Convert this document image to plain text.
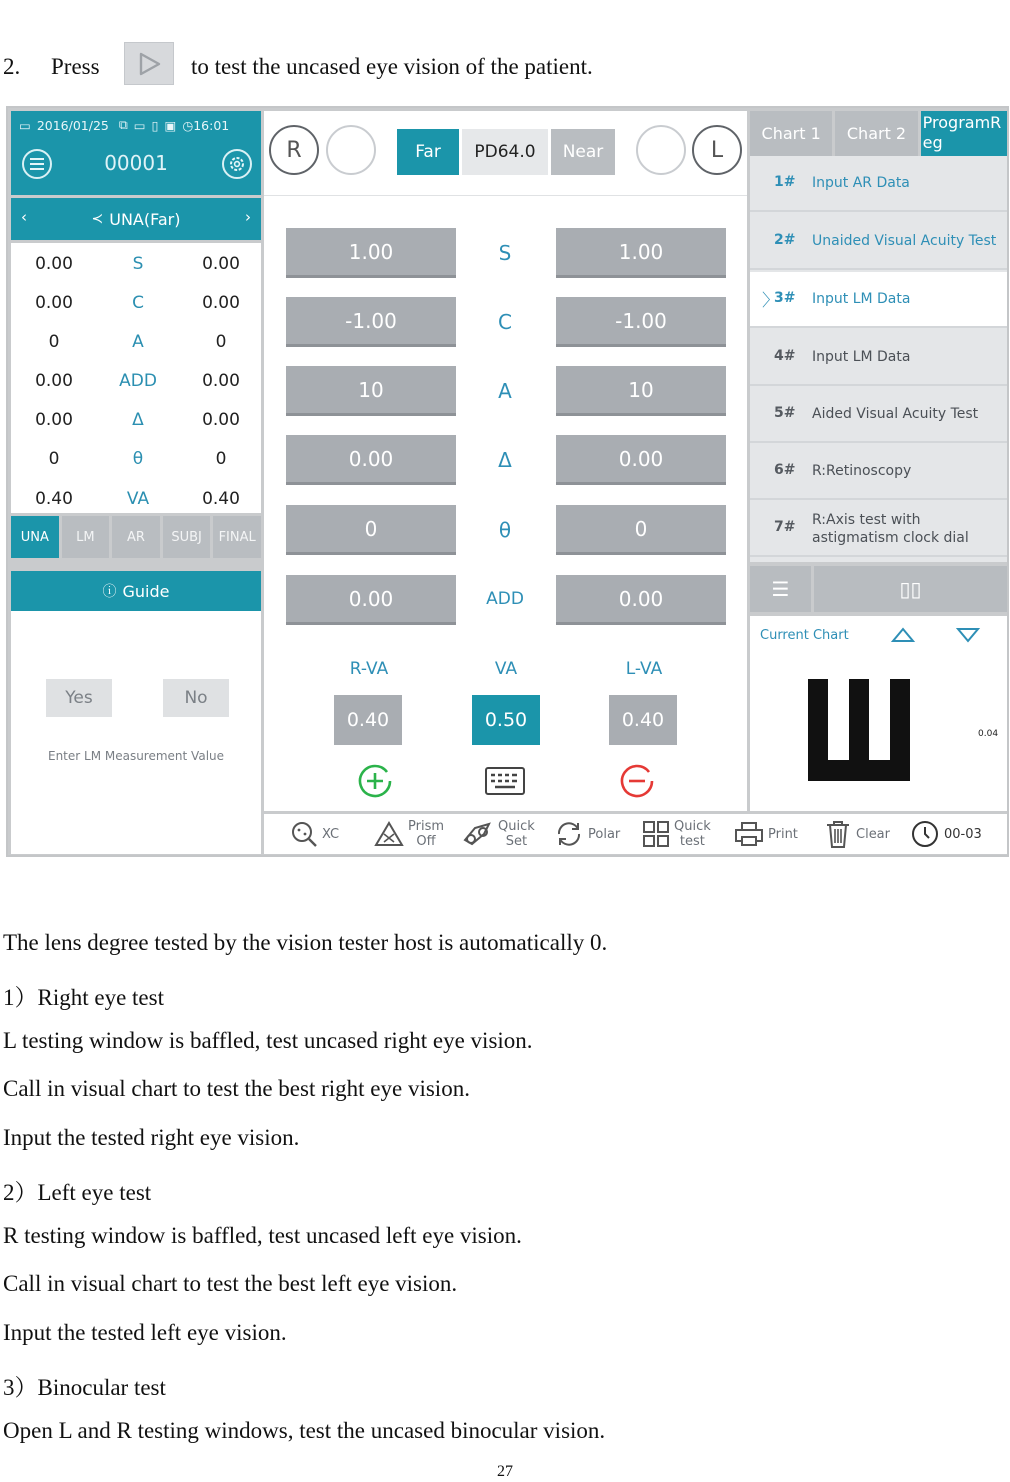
2. Press	to test the uncased eye vision of the patient.
▭ 2016/01/25 ⧉ ▭ ▯ ▣ ◷ 16:01
00001
‹	≺ UNA(Far)	›
0.00	S	0.00
0.00	C	0.00
0	A	0
0.00	ADD	0.00
0.00	Δ	0.00
0	θ	0
0.40	VA	0.40
UNA	LM	AR	SUBJ	FINAL
ⓘ Guide
Yes	No
Enter LM Measurement Value
R	Far	PD64.0	Near	L
1.00	S	1.00
-1.00	C	-1.00
10	A	10
0.00	Δ	0.00
0	θ	0
0.00	ADD	0.00
R-VA	VA	L-VA
0.40	0.50	0.40
Chart 1	Chart 2
ProgramReg
1# Input AR Data
2# Unaided Visual Acuity Test
〉
3# Input LM Data
4# Input LM Data
5# Aided Visual Acuity Test
6# R:Retinoscopy
7# R:Axis test with astigmatism clock dial
☰	▯▯
Current Chart
0.04
XC	Prism
Off
Quick
Set	Polar	Quick
test	Print	Clear	00-03
The lens degree tested by the vision tester host is automatically 0.
1）Right eye test
L testing window is baffled, test uncased right eye vision.
Call in visual chart to test the best right eye vision.
Input the tested right eye vision.
2）Left eye test
R testing window is baffled, test uncased left eye vision.
Call in visual chart to test the best left eye vision.
Input the tested left eye vision.
3）Binocular test
Open L and R testing windows, test the uncased binocular vision.
27
